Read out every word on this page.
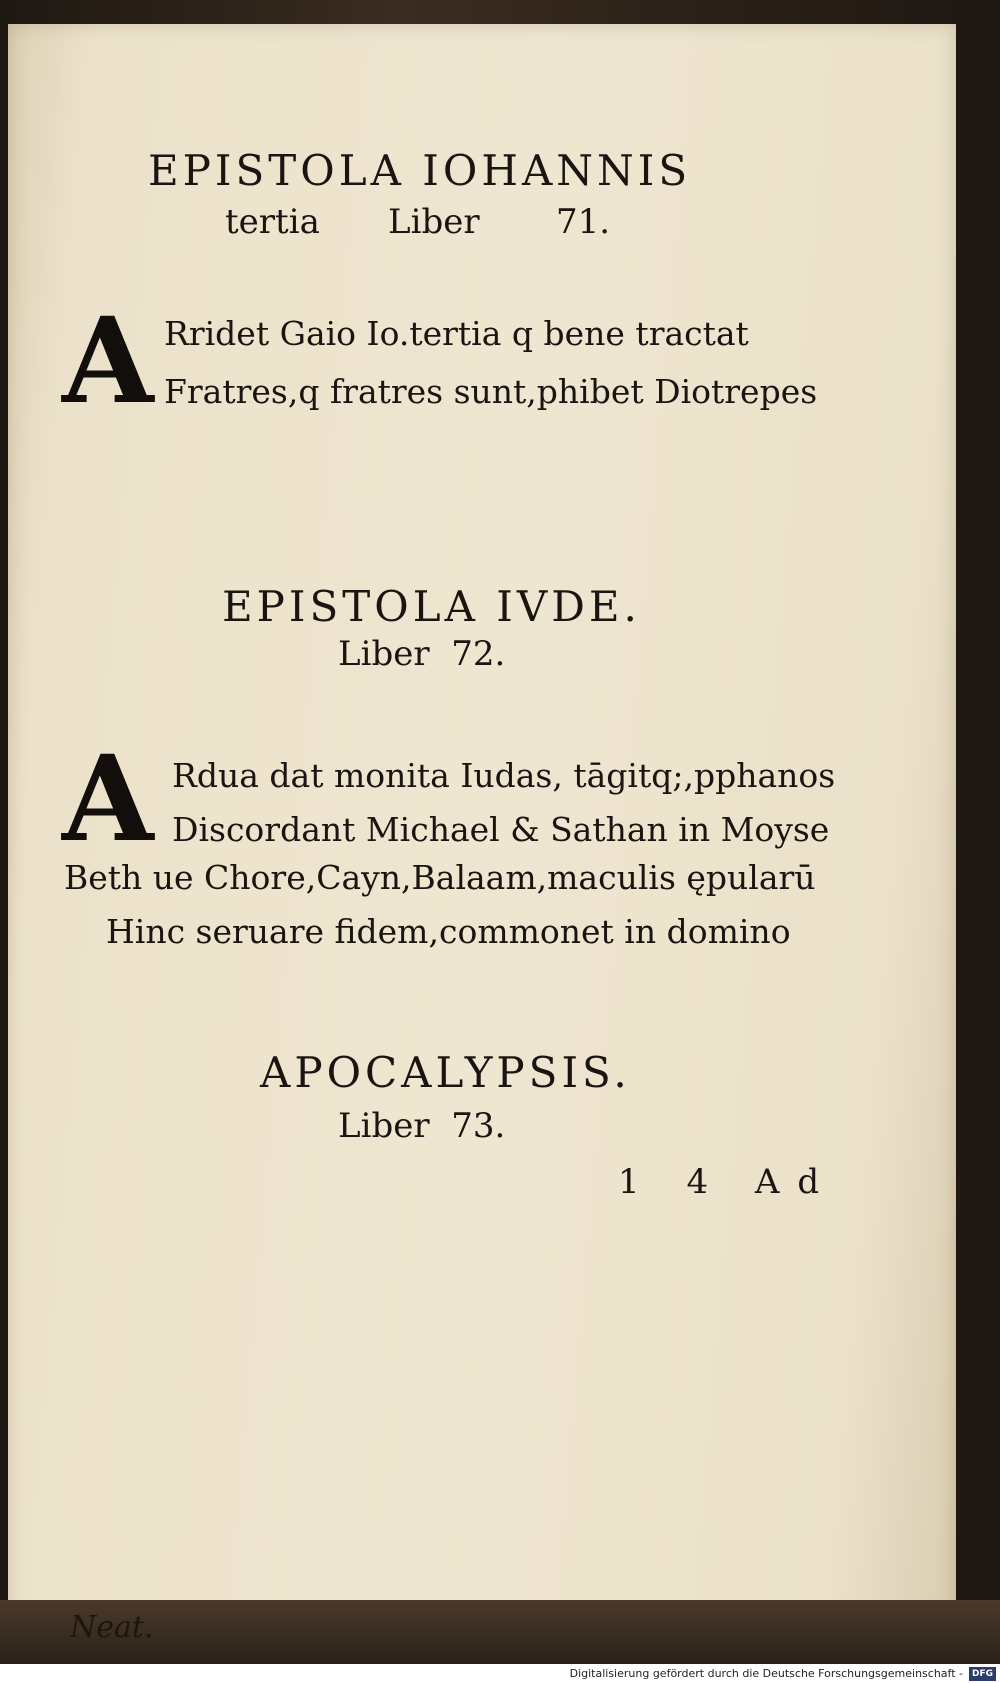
Neat.
EPISTOLA IOHANNIS
tertia Liber 71.
A Rridet Gaio Io.tertia q bene tractat
Fratres,q fratres sunt,phibet Diotrepes
EPISTOLA IVDE.
Liber  72.
A Rdua dat monita Iudas, tāgitq;,pphanos
Discordant Michael & Sathan in Moyse
Beth ue Chore,Cayn,Balaam,maculis ępularū
Hinc seruare fidem,commonet in domino
APOCALYPSIS.
Liber  73.
1 4 Ad
Digitalisierung gefördert durch die Deutsche Forschungsgemeinschaft - DFG
